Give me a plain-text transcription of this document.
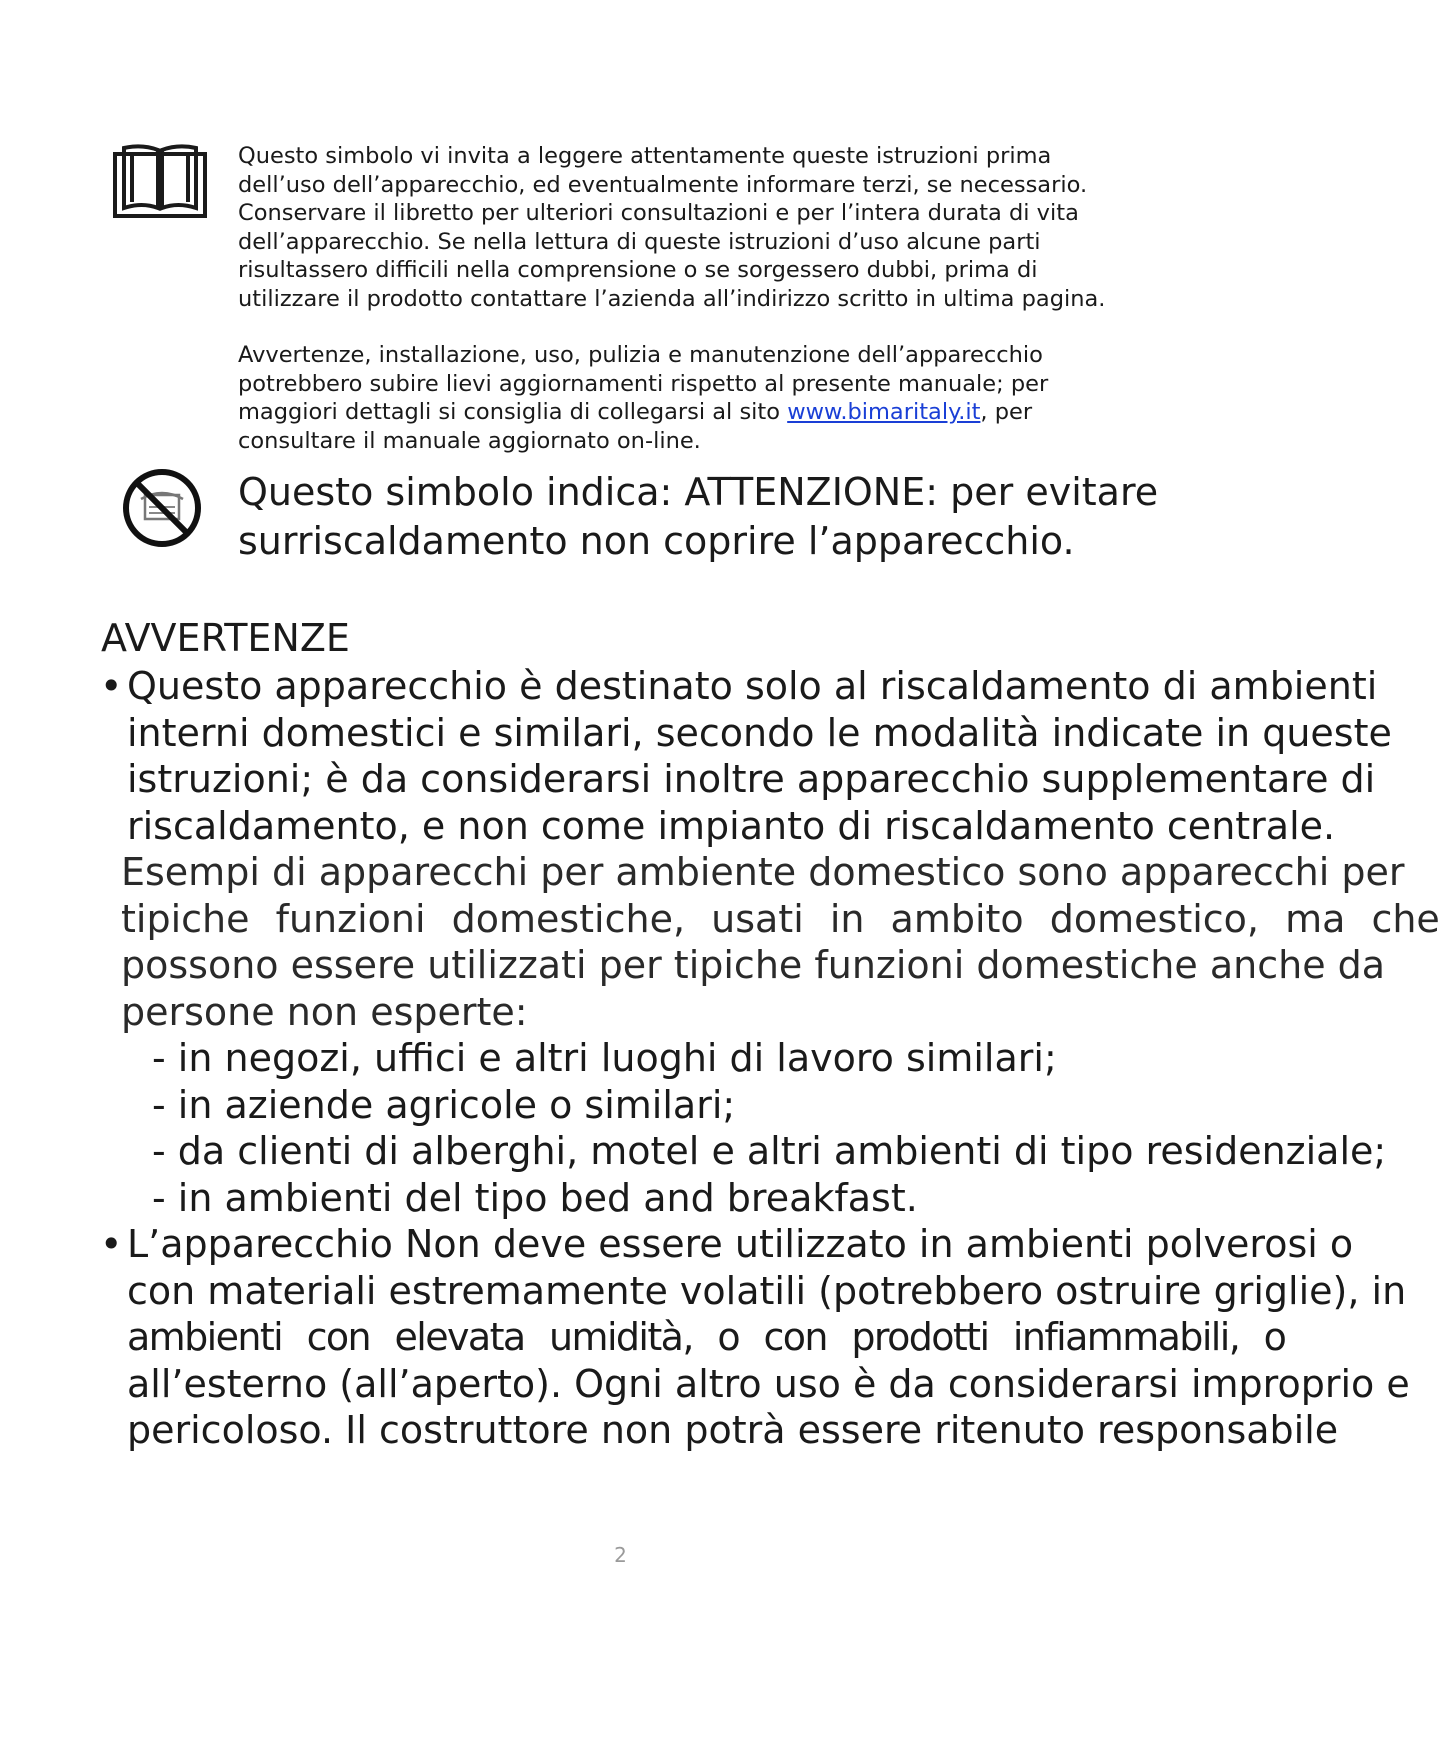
Questo simbolo vi invita a leggere attentamente queste istruzioni prima dell’uso dell’apparecchio, ed eventualmente informare terzi, se necessario. Conservare il libretto per ulteriori consultazioni e per l’intera durata di vita dell’apparecchio. Se nella lettura di queste istruzioni d’uso alcune parti risultassero difficili nella comprensione o se sorgessero dubbi, prima di utilizzare il prodotto contattare l’azienda all’indirizzo scritto in ultima pagina.

Avvertenze, installazione, uso, pulizia e manutenzione dell’apparecchio potrebbero subire lievi aggiornamenti rispetto al presente manuale; per maggiori dettagli si consiglia di collegarsi al sito www.bimaritaly.it, per consultare il manuale aggiornato on-line.

Questo simbolo indica: ATTENZIONE: per evitare
surriscaldamento non coprire l’apparecchio.
AVVERTENZE
• Questo apparecchio è destinato solo al riscaldamento di ambienti
interni domestici e similari, secondo le modalità indicate in queste
istruzioni; è da considerarsi inoltre apparecchio supplementare di
riscaldamento, e non come impianto di riscaldamento centrale.
Esempi di apparecchi per ambiente domestico sono apparecchi per
tipiche funzioni domestiche, usati in ambito domestico, ma che
possono essere utilizzati per tipiche funzioni domestiche anche da
persone non esperte:
- in negozi, uffici e altri luoghi di lavoro similari;
- in aziende agricole o similari;
- da clienti di alberghi, motel e altri ambienti di tipo residenziale;
- in ambienti del tipo bed and breakfast.
• L’apparecchio Non deve essere utilizzato in ambienti polverosi o
con materiali estremamente volatili (potrebbero ostruire griglie), in
ambienti con elevata umidità, o con prodotti infiammabili, o
all’esterno (all’aperto). Ogni altro uso è da considerarsi improprio e
pericoloso. Il costruttore non potrà essere ritenuto responsabile
2
